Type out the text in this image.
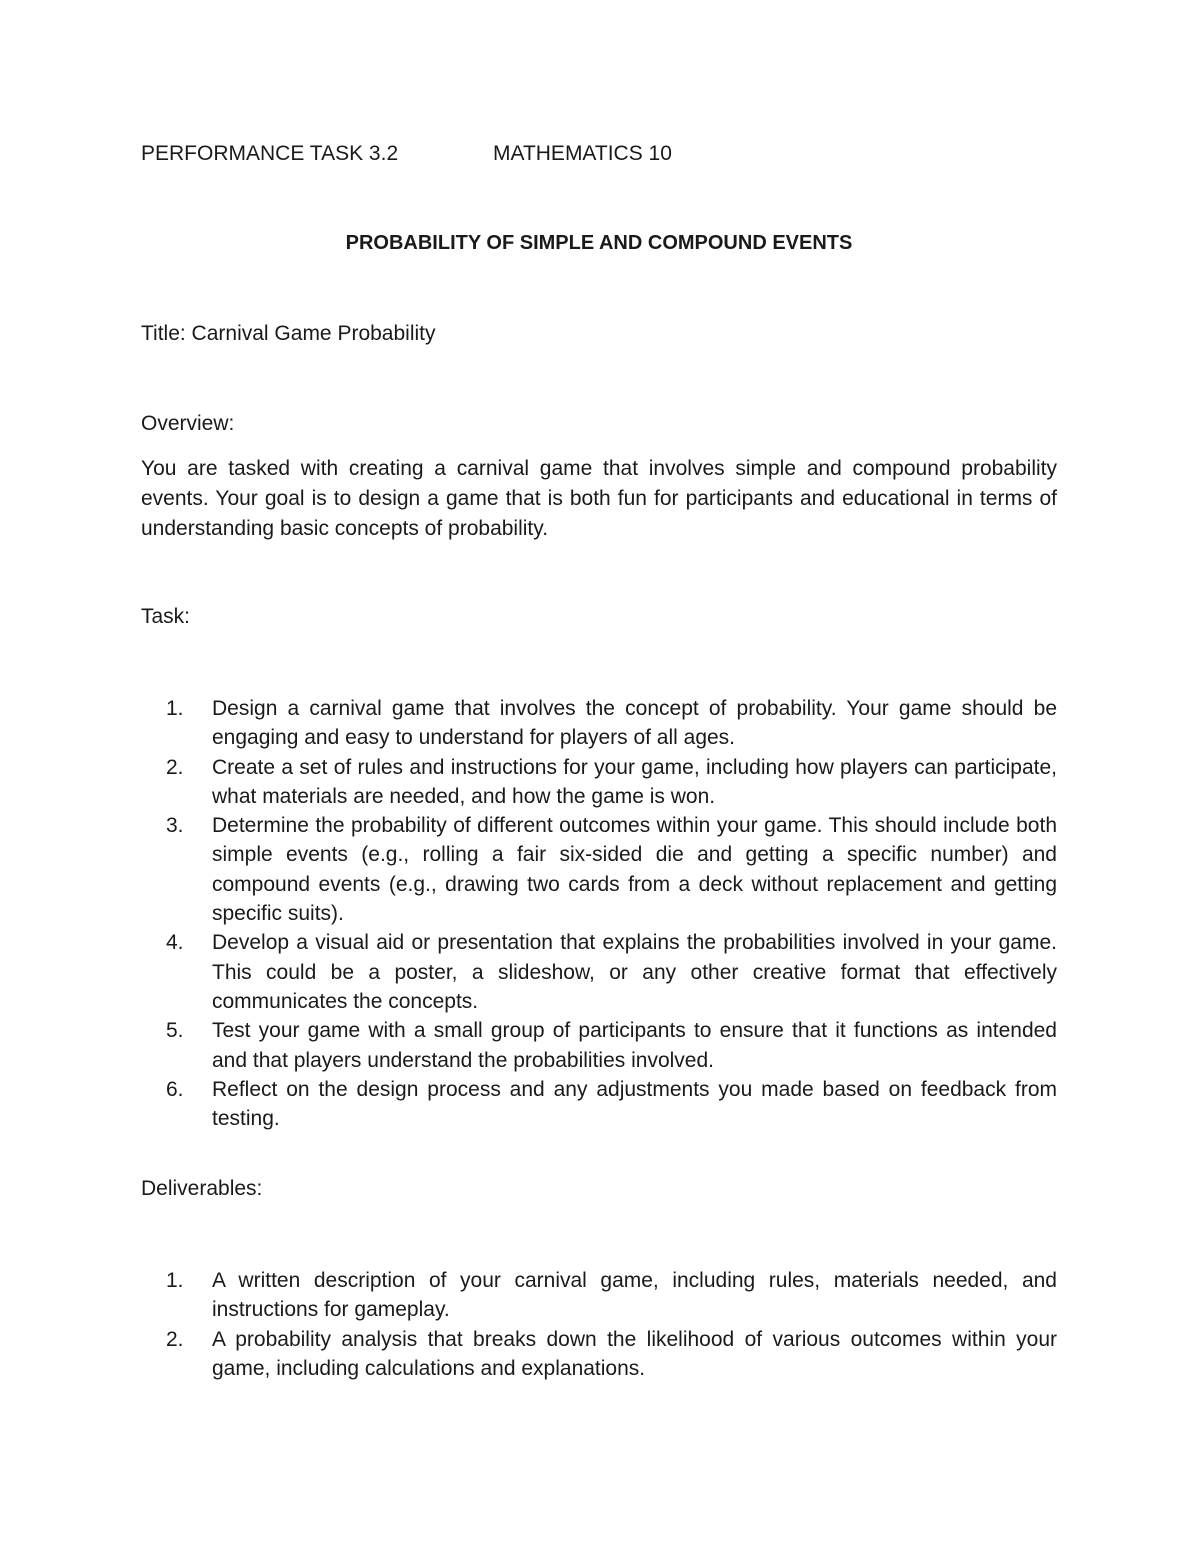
PERFORMANCE TASK 3.2	MATHEMATICS 10
PROBABILITY OF SIMPLE AND COMPOUND EVENTS
Title: Carnival Game Probability
Overview:
You are tasked with creating a carnival game that involves simple and compound probability events. Your goal is to design a game that is both fun for participants and educational in terms of understanding basic concepts of probability.
Task:
1. Design a carnival game that involves the concept of probability. Your game should be engaging and easy to understand for players of all ages.
2. Create a set of rules and instructions for your game, including how players can participate, what materials are needed, and how the game is won.
3. Determine the probability of different outcomes within your game. This should include both simple events (e.g., rolling a fair six-sided die and getting a specific number) and compound events (e.g., drawing two cards from a deck without replacement and getting specific suits).
4. Develop a visual aid or presentation that explains the probabilities involved in your game. This could be a poster, a slideshow, or any other creative format that effectively communicates the concepts.
5. Test your game with a small group of participants to ensure that it functions as intended and that players understand the probabilities involved.
6. Reflect on the design process and any adjustments you made based on feedback from testing.
Deliverables:
1. A written description of your carnival game, including rules, materials needed, and instructions for gameplay.
2. A probability analysis that breaks down the likelihood of various outcomes within your game, including calculations and explanations.
